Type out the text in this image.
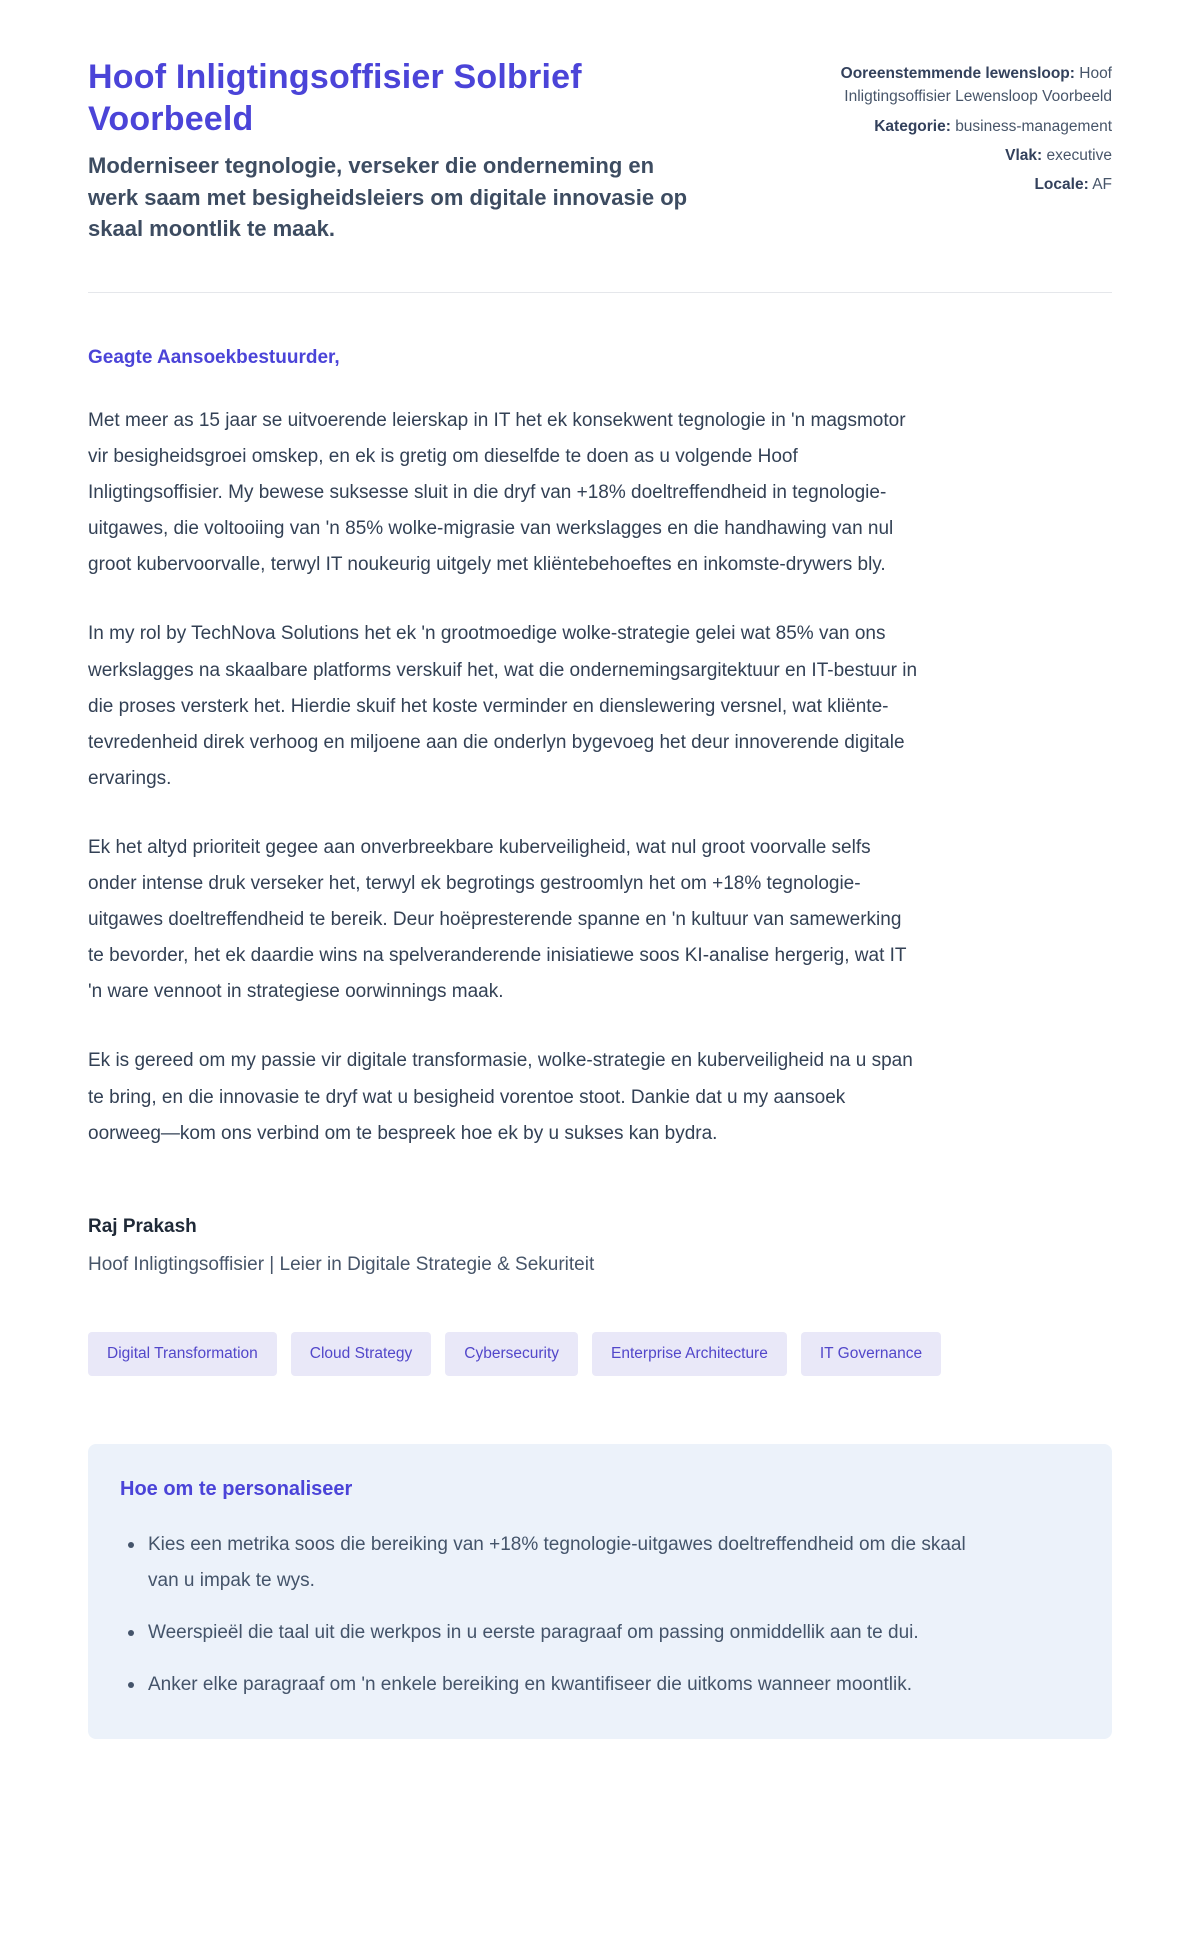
Hoof Inligtingsoffisier Solbrief Voorbeeld

Moderniseer tegnologie, verseker die onderneming en werk saam met besigheidsleiers om digitale innovasie op skaal moontlik te maak.

Ooreenstemmende lewensloop: Hoof Inligtingsoffisier Lewensloop Voorbeeld
Kategorie: business-management
Vlak: executive
Locale: AF
Geagte Aansoekbestuurder,

Met meer as 15 jaar se uitvoerende leierskap in IT het ek konsekwent tegnologie in 'n magsmotor vir besigheidsgroei omskep, en ek is gretig om dieselfde te doen as u volgende Hoof Inligtingsoffisier. My bewese suksesse sluit in die dryf van +18% doeltreffendheid in tegnologie-uitgawes, die voltooiing van 'n 85% wolke-migrasie van werkslagges en die handhawing van nul groot kubervoorvalle, terwyl IT noukeurig uitgely met kliëntebehoeftes en inkomste-drywers bly.

In my rol by TechNova Solutions het ek 'n grootmoedige wolke-strategie gelei wat 85% van ons werkslagges na skaalbare platforms verskuif het, wat die ondernemingsargitektuur en IT-bestuur in die proses versterk het. Hierdie skuif het koste verminder en dienslewering versnel, wat kliënte-tevredenheid direk verhoog en miljoene aan die onderlyn bygevoeg het deur innoverende digitale ervarings.

Ek het altyd prioriteit gegee aan onverbreekbare kuberveiligheid, wat nul groot voorvalle selfs onder intense druk verseker het, terwyl ek begrotings gestroomlyn het om +18% tegnologie-uitgawes doeltreffendheid te bereik. Deur hoëpresterende spanne en 'n kultuur van samewerking te bevorder, het ek daardie wins na spelveranderende inisiatiewe soos KI-analise hergerig, wat IT 'n ware vennoot in strategiese oorwinnings maak.

Ek is gereed om my passie vir digitale transformasie, wolke-strategie en kuberveiligheid na u span te bring, en die innovasie te dryf wat u besigheid vorentoe stoot. Dankie dat u my aansoek oorweeg—kom ons verbind om te bespreek hoe ek by u sukses kan bydra.

Raj Prakash

Hoof Inligtingsoffisier | Leier in Digitale Strategie & Sekuriteit

Digital Transformation	Cloud Strategy	Cybersecurity	Enterprise Architecture	IT Governance
Hoe om te personaliseer
Kies een metrika soos die bereiking van +18% tegnologie-uitgawes doeltreffendheid om die skaal van u impak te wys.
Weerspieël die taal uit die werkpos in u eerste paragraaf om passing onmiddellik aan te dui.
Anker elke paragraaf om 'n enkele bereiking en kwantifiseer die uitkoms wanneer moontlik.
